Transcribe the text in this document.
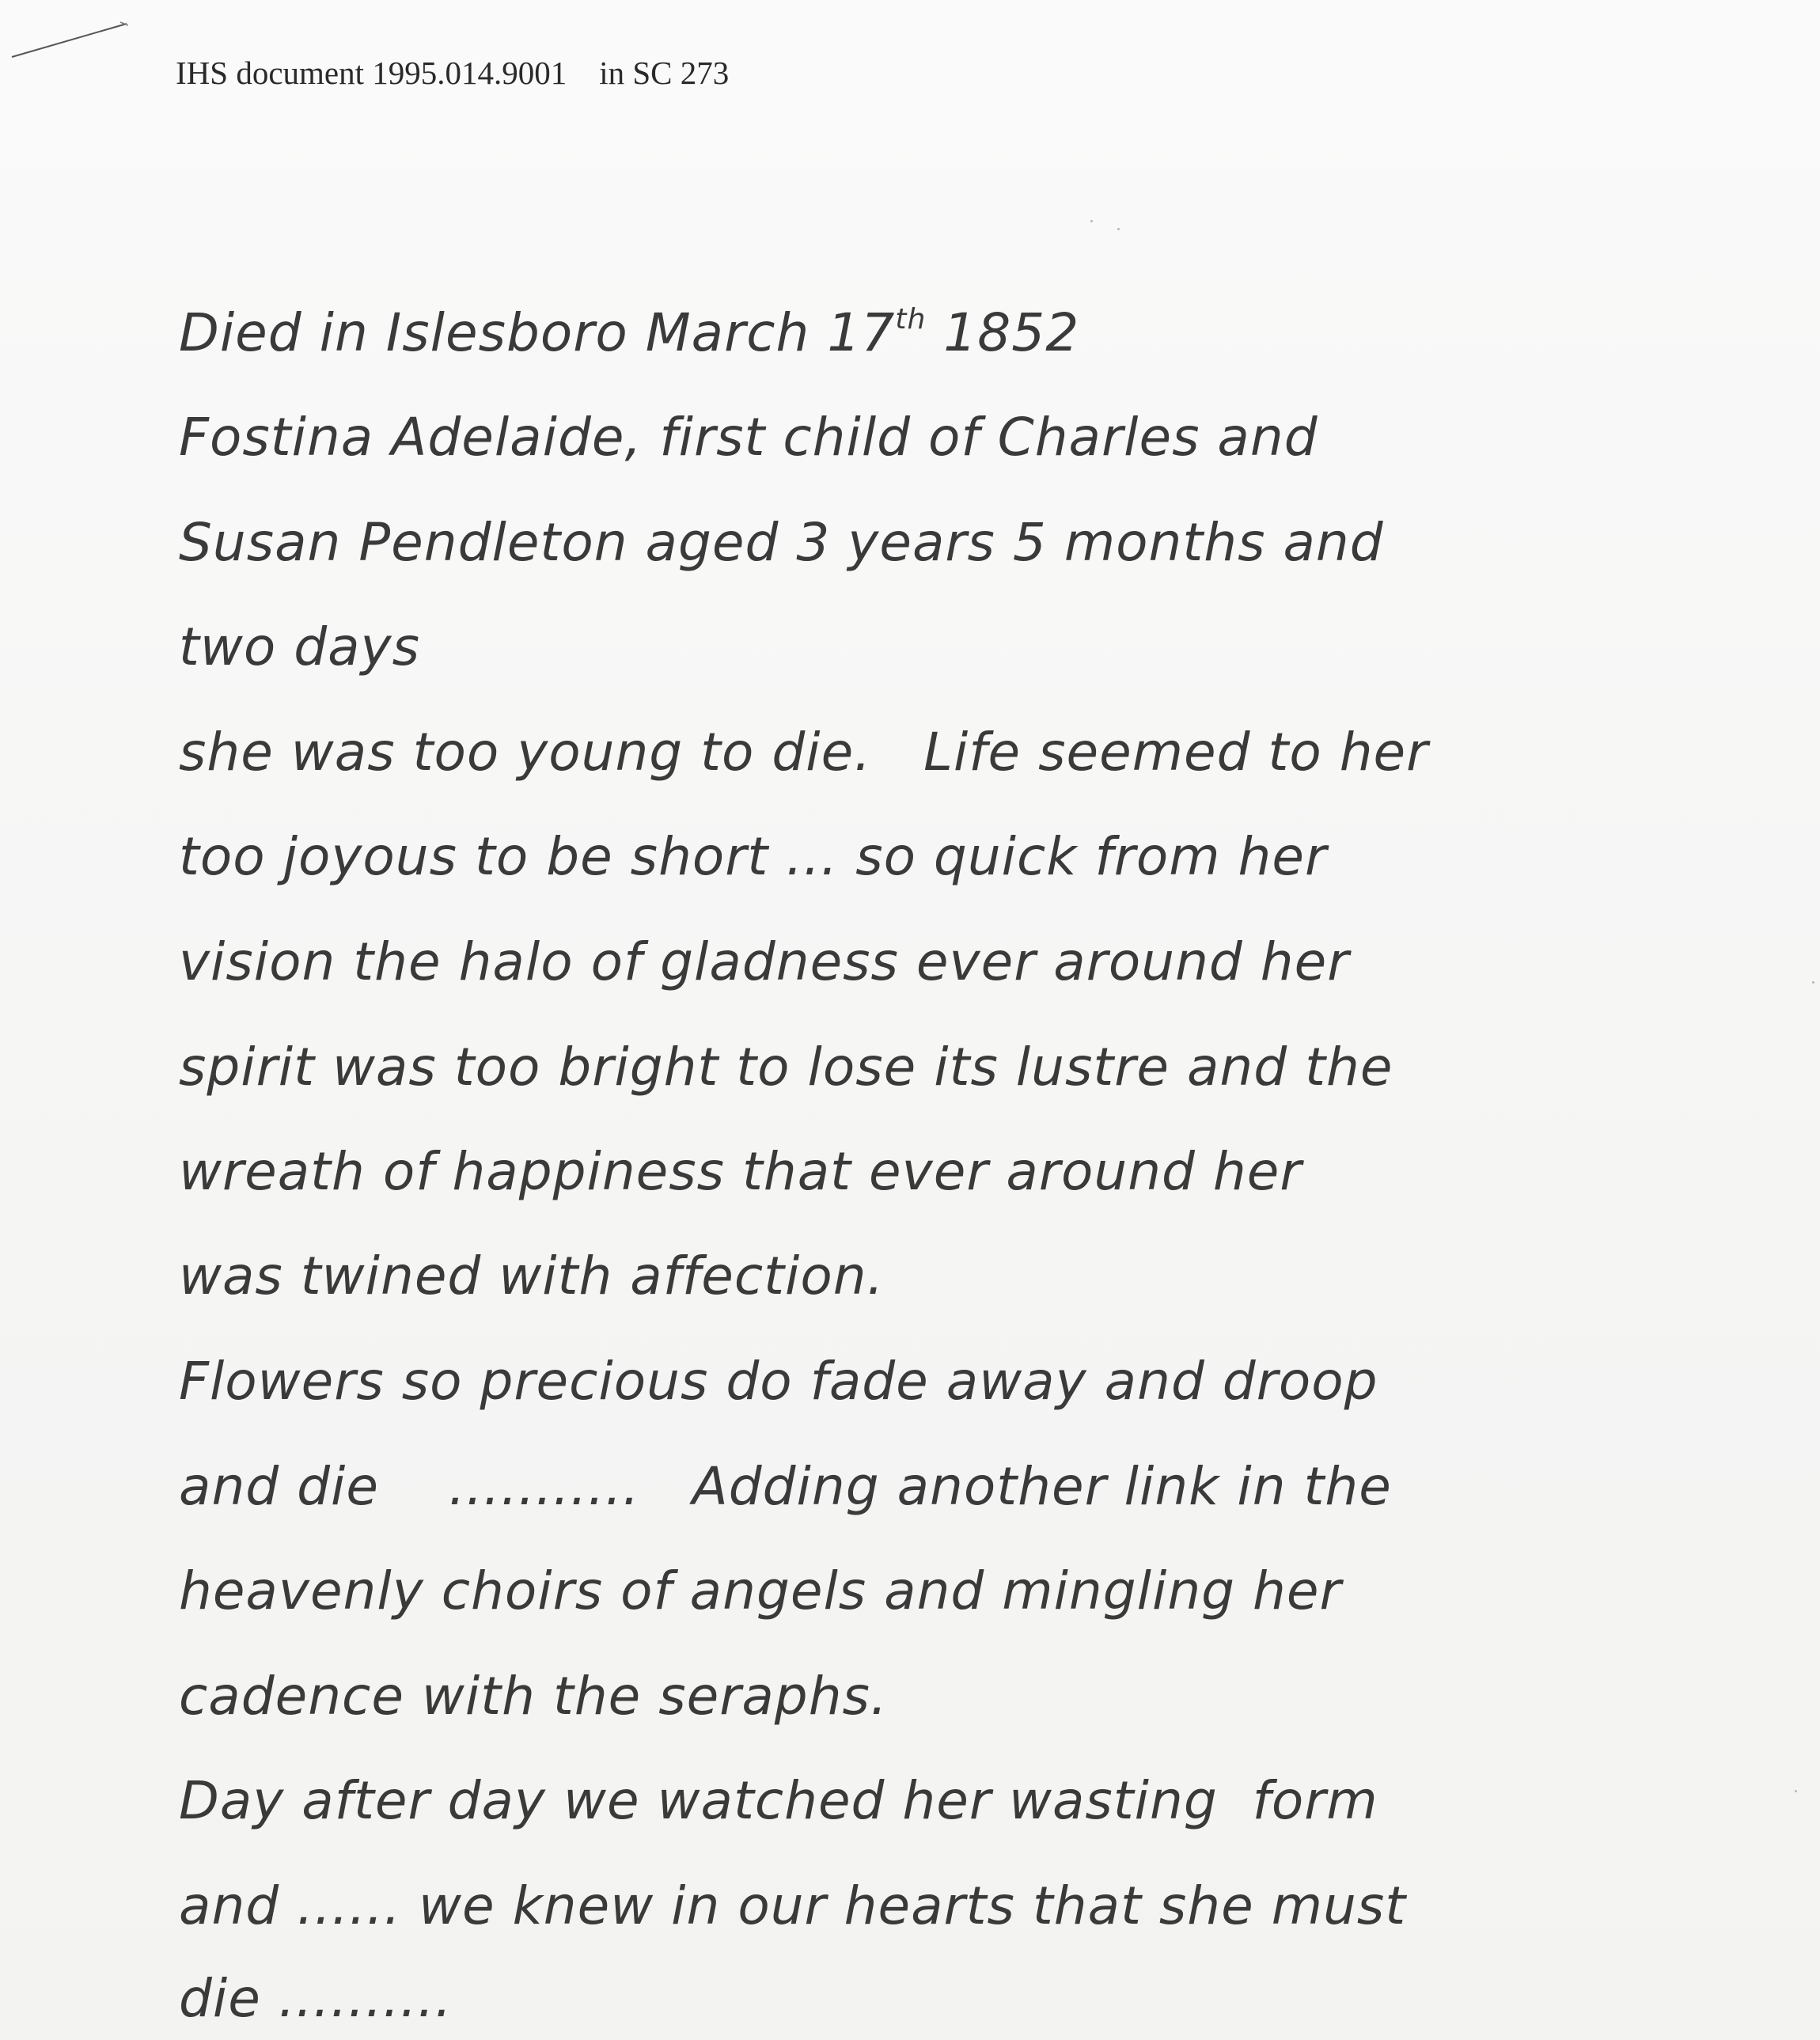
IHS document 1995.014.9001    in SC 273
Died in Islesboro March 17th 1852
Fostina Adelaide, first child of Charles and
Susan Pendleton aged 3 years 5 months and
two days
she was too young to die.   Life seemed to her
too joyous to be short ... so quick from her
vision the halo of gladness ever around her
spirit was too bright to lose its lustre and the
wreath of happiness that ever around her
was twined with affection.
Flowers so precious do fade away and droop
and die    ...........   Adding another link in the
heavenly choirs of angels and mingling her
cadence with the seraphs.
Day after day we watched her wasting  form
and ...... we knew in our hearts that she must
die ..........
